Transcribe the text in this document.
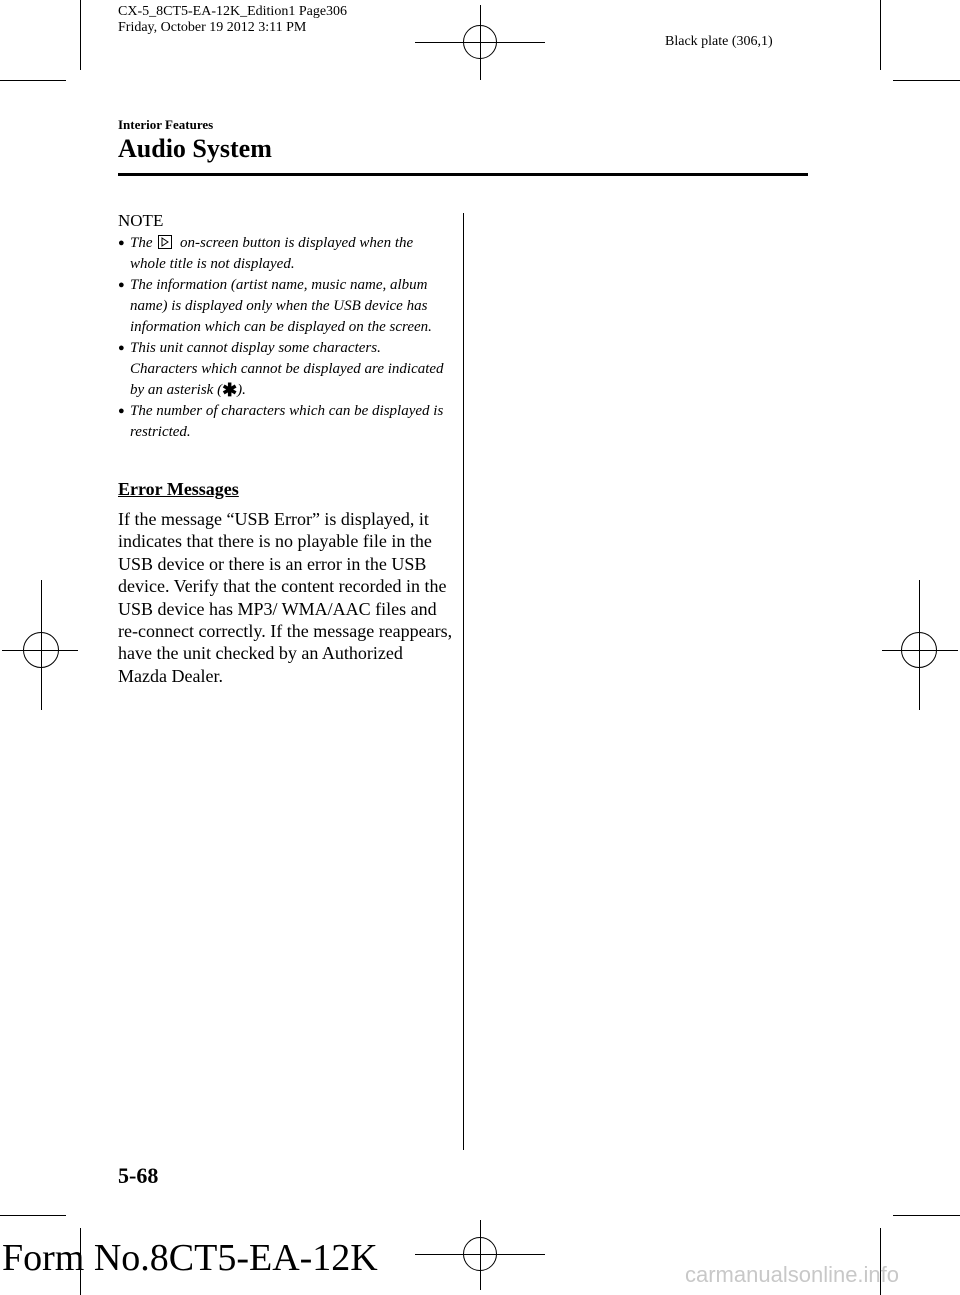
CX-5_8CT5-EA-12K_Edition1 Page306
Friday, October 19 2012 3:11 PM
Black plate (306,1)
Interior Features
Audio System
NOTE
● The on-screen button is displayed when the whole title is not displayed.
● The information (artist name, music name, album name) is displayed only when the USB device has information which can be displayed on the screen.
● This unit cannot display some characters. Characters which cannot be displayed are indicated by an asterisk (✱).
● The number of characters which can be displayed is restricted.
Error Messages
If the message “USB Error” is displayed, it indicates that there is no playable file in the USB device or there is an error in the USB device. Verify that the content recorded in the USB device has MP3/ WMA/AAC files and re-connect correctly. If the message reappears, have the unit checked by an Authorized Mazda Dealer.
5-68
Form No.8CT5-EA-12K	carmanualsonline.info
